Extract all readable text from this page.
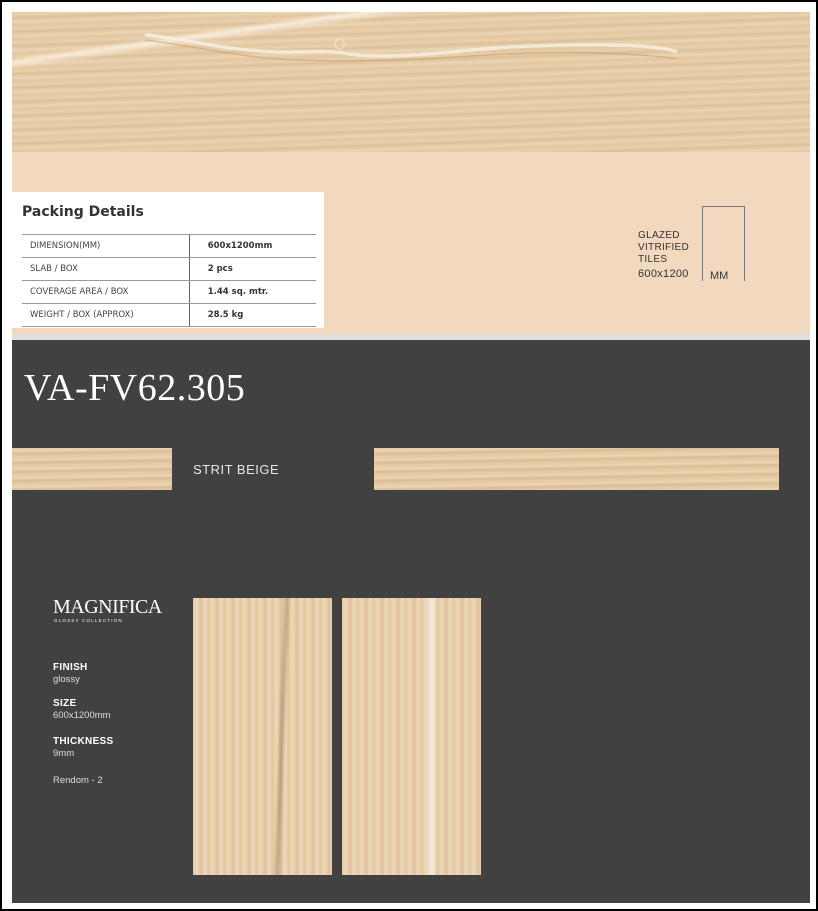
Packing Details
DIMENSION(MM)	600x1200mm
SLAB / BOX	2 pcs
COVERAGE AREA / BOX	1.44 sq. mtr.
WEIGHT / BOX (APPROX)	28.5 kg
GLAZED
VITRIFIED
TILES
600x1200 MM
VA-FV62.305
STRIT BEIGE
MAGNIFICA
GLOSSY COLLECTION
FINISH
glossy
SIZE
600x1200mm
THICKNESS
9mm
Rendom - 2
